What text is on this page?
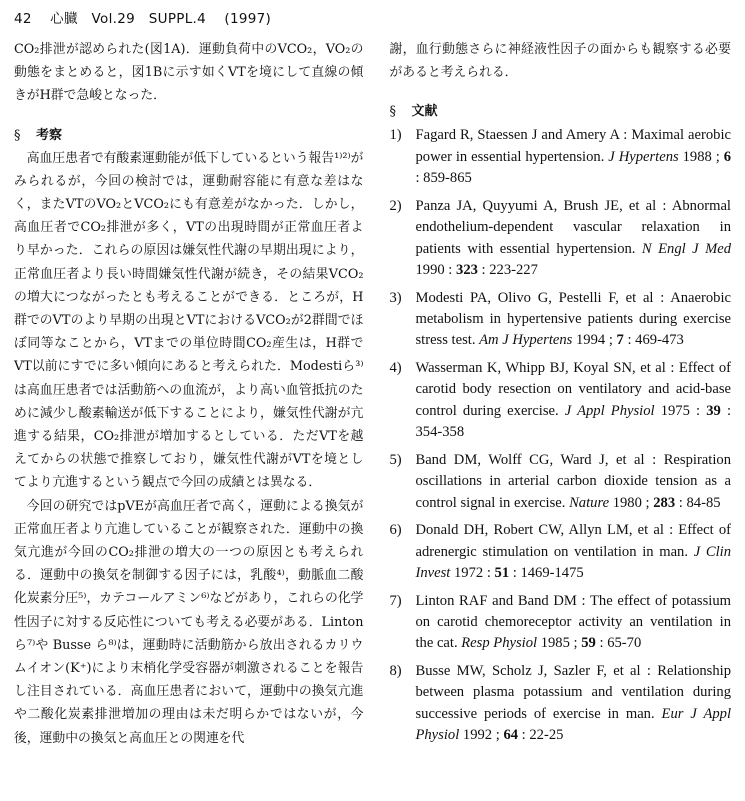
42 心臓 Vol.29 SUPPL.4 (1997)

CO₂排泄が認められた(図1A)．運動負荷中のVCO₂，VO₂の動態をまとめると，図1Bに示す如くVTを境にして直線の傾きがH群で急峻となった．

§ 考察

高血圧患者で有酸素運動能が低下しているという報告¹⁾²⁾がみられるが，今回の検討では，運動耐容能に有意な差はなく，またVTのVO₂とVCO₂にも有意差がなかった．しかし，高血圧者でCO₂排泄が多く，VTの出現時間が正常血圧者より早かった．これらの原因は嫌気性代謝の早期出現により，正常血圧者より長い時間嫌気性代謝が続き，その結果VCO₂の増大につながったとも考えることができる．ところが，H群でのVTのより早期の出現とVTにおけるVCO₂が2群間でほぼ同等なことから，VTまでの単位時間CO₂産生は，H群でVT以前にすでに多い傾向にあると考えられた．Modestiら³⁾は高血圧患者では活動筋への血流が，より高い血管抵抗のために減少し酸素輸送が低下することにより，嫌気性代謝が亢進する結果，CO₂排泄が増加するとしている．ただVTを越えてからの状態で推察しており，嫌気性代謝がVTを境としてより亢進するという観点で今回の成績とは異なる．

今回の研究ではpVEが高血圧者で高く，運動による換気が正常血圧者より亢進していることが観察された．運動中の換気亢進が今回のCO₂排泄の増大の一つの原因とも考えられる．運動中の換気を制御する因子には，乳酸⁴⁾，動脈血二酸化炭素分圧⁵⁾，カテコールアミン⁶⁾などがあり，これらの化学性因子に対する反応性についても考える必要がある．Linton ら⁷⁾や Busse ら⁸⁾は，運動時に活動筋から放出されるカリウムイオン(K⁺)により末梢化学受容器が刺激されることを報告し注目されている．高血圧患者において，運動中の換気亢進や二酸化炭素排泄増加の理由は未だ明らかではないが，今後，運動中の換気と高血圧との関連を代

謝，血行動態さらに神経液性因子の面からも観察する必要があると考えられる．

§ 文献
1) Fagard R, Staessen J and Amery A : Maximal aerobic power in essential hypertension. J Hypertens 1988 ; 6 : 859-865
2) Panza JA, Quyyumi A, Brush JE, et al : Abnormal endothelium-dependent vascular relaxation in patients with essential hypertension. N Engl J Med 1990 : 323 : 223-227
3) Modesti PA, Olivo G, Pestelli F, et al : Anaerobic metabolism in hypertensive patients during exercise stress test. Am J Hypertens 1994 ; 7 : 469-473
4) Wasserman K, Whipp BJ, Koyal SN, et al : Effect of carotid body resection on ventilatory and acid-base control during exercise. J Appl Physiol 1975 : 39 : 354-358
5) Band DM, Wolff CG, Ward J, et al : Respiration oscillations in arterial carbon dioxide tension as a control signal in exercise. Nature 1980 ; 283 : 84-85
6) Donald DH, Robert CW, Allyn LM, et al : Effect of adrenergic stimulation on ventilation in man. J Clin Invest 1972 : 51 : 1469-1475
7) Linton RAF and Band DM : The effect of potassium on carotid chemoreceptor activity an ventilation in the cat. Resp Physiol 1985 ; 59 : 65-70
8) Busse MW, Scholz J, Sazler F, et al : Relationship between plasma potassium and ventilation during successive periods of exercise in man. Eur J Appl Physiol 1992 ; 64 : 22-25
